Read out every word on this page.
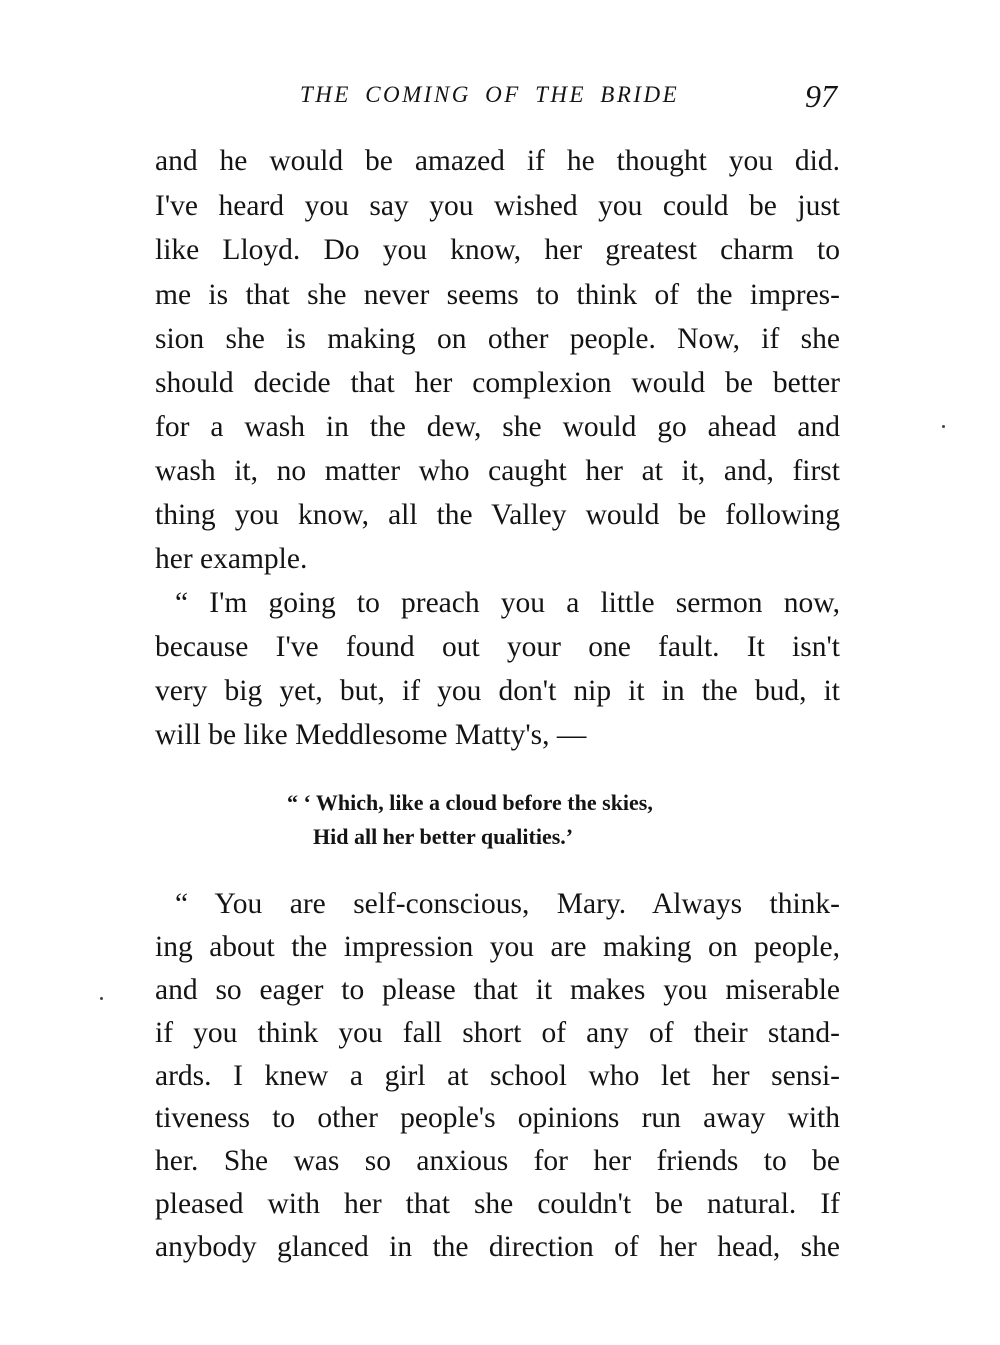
THE COMING OF THE BRIDE	97
and he would be amazed if he thought you did.
I've heard you say you wished you could be just
like Lloyd. Do you know, her greatest charm to
me is that she never seems to think of the impres-
sion she is making on other people. Now, if she
should decide that her complexion would be better
for a wash in the dew, she would go ahead and
wash it, no matter who caught her at it, and, first
thing you know, all the Valley would be following
her example.
“ I'm going to preach you a little sermon now,
because I've found out your one fault. It isn't
very big yet, but, if you don't nip it in the bud, it
will be like Meddlesome Matty's, —
“ ‘ Which, like a cloud before the skies,
Hid all her better qualities.’
“ You are self-conscious, Mary. Always think-
ing about the impression you are making on people,
and so eager to please that it makes you miserable
if you think you fall short of any of their stand-
ards. I knew a girl at school who let her sensi-
tiveness to other people's opinions run away with
her. She was so anxious for her friends to be
pleased with her that she couldn't be natural. If
anybody glanced in the direction of her head, she
